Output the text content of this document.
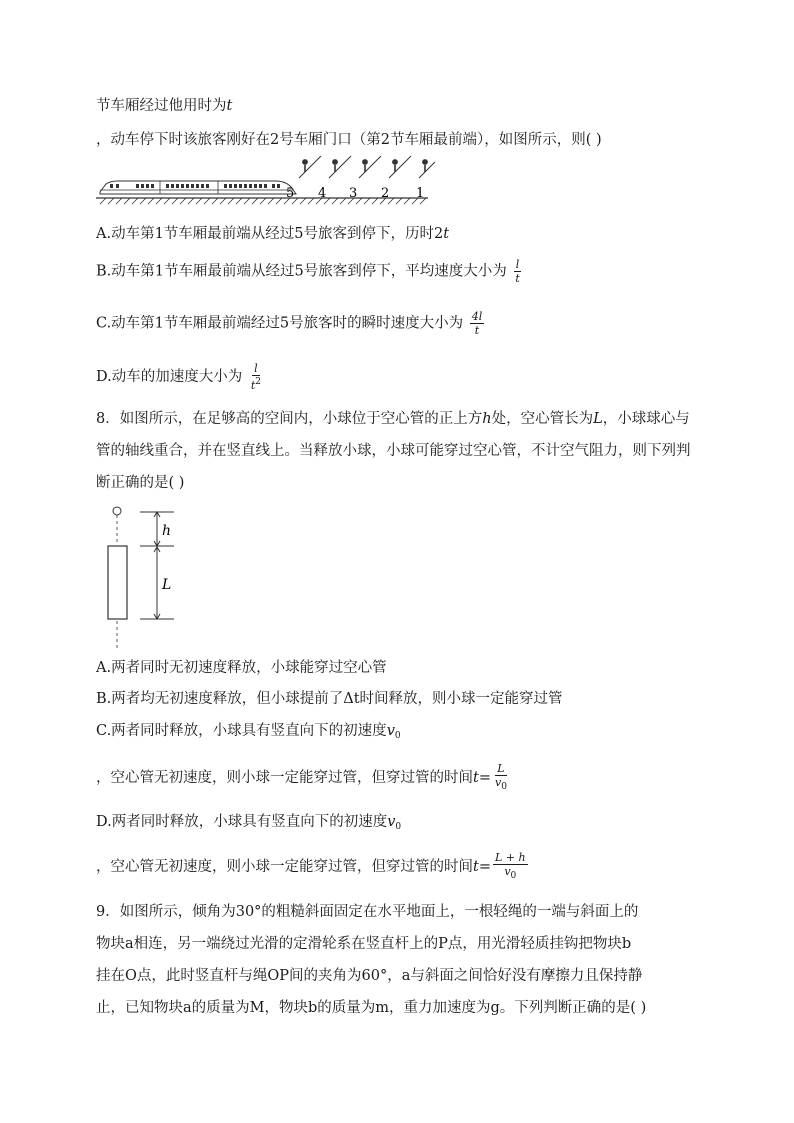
节车厢经过他用时为t
，动车停下时该旅客刚好在2号车厢门口（第2节车厢最前端），如图所示，则( )
5 4 3 2 1
A.动车第1节车厢最前端从经过5号旅客到停下，历时2t
B.动车第1节车厢最前端从经过5号旅客到停下，平均速度大小为 $\frac{l}{t}$
C.动车第1节车厢最前端经过5号旅客时的瞬时速度大小为 $\frac{4l}{t}$
D.动车的加速度大小为 $\frac{l}{t^2}$
8．如图所示，在足够高的空间内，小球位于空心管的正上方h处，空心管长为L，小球球心与管的轴线重合，并在竖直线上。当释放小球，小球可能穿过空心管，不计空气阻力，则下列判断正确的是( )
h
L
A.两者同时无初速度释放，小球能穿过空心管
B.两者均无初速度释放，但小球提前了Δt时间释放，则小球一定能穿过管
C.两者同时释放，小球具有竖直向下的初速度$v_0$
，空心管无初速度，则小球一定能穿过管，但穿过管的时间$t= \frac{L}{v_0}$
D.两者同时释放，小球具有竖直向下的初速度$v_0$
，空心管无初速度，则小球一定能穿过管，但穿过管的时间$t= \frac{L + h}{v_0}$
9．如图所示，倾角为30°的粗糙斜面固定在水平地面上，一根轻绳的一端与斜面上的
物块a相连，另一端绕过光滑的定滑轮系在竖直杆上的P点，用光滑轻质挂钩把物块b
挂在O点，此时竖直杆与绳OP间的夹角为60°，a与斜面之间恰好没有摩擦力且保持静
止，已知物块a的质量为M，物块b的质量为m，重力加速度为g。下列判断正确的是( )
